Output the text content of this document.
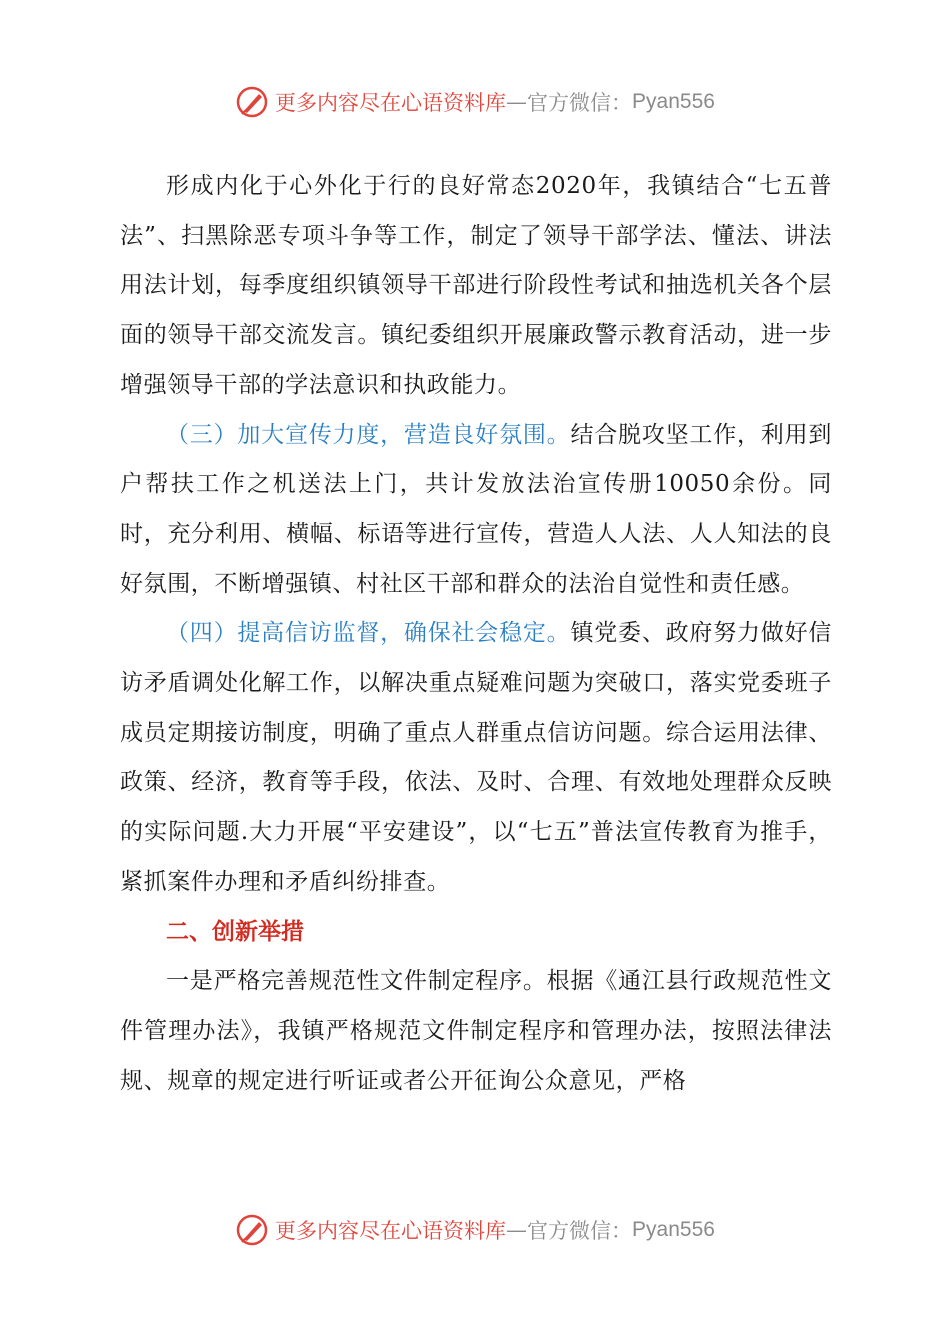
更多内容尽在心语资料库 — 官方微信： Pyan556

形成内化于心外化于行的良好常态2020年，我镇结合“七五普法”、扫黑除恶专项斗争等工作，制定了领导干部学法、懂法、讲法用法计划，每季度组织镇领导干部进行阶段性考试和抽选机关各个层面的领导干部交流发言。镇纪委组织开展廉政警示教育活动，进一步增强领导干部的学法意识和执政能力。

（三）加大宣传力度，营造良好氛围。结合脱攻坚工作，利用到户帮扶工作之机送法上门，共计发放法治宣传册10050余份。同时，充分利用、横幅、标语等进行宣传，营造人人法、人人知法的良好氛围，不断增强镇、村社区干部和群众的法治自觉性和责任感。

（四）提高信访监督，确保社会稳定。镇党委、政府努力做好信访矛盾调处化解工作，以解决重点疑难问题为突破口，落实党委班子成员定期接访制度，明确了重点人群重点信访问题。综合运用法律、政策、经济，教育等手段，依法、及时、合理、有效地处理群众反映的实际问题.大力开展“平安建设”，以“七五”普法宣传教育为推手，紧抓案件办理和矛盾纠纷排查。

二、创新举措

一是严格完善规范性文件制定程序。根据《通江县行政规范性文件管理办法》，我镇严格规范文件制定程序和管理办法，按照法律法规、规章的规定进行听证或者公开征询公众意见，严格

更多内容尽在心语资料库 — 官方微信： Pyan556
